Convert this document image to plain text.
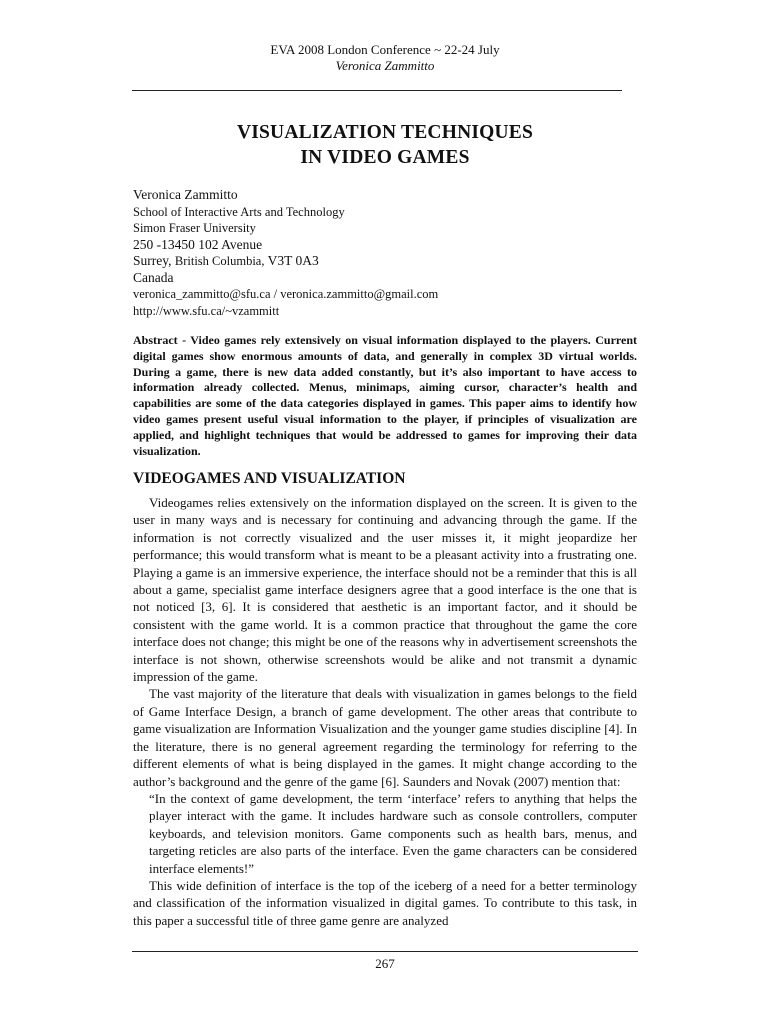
EVA 2008 London Conference ~ 22-24 July
Veronica Zammitto
VISUALIZATION TECHNIQUES
IN VIDEO GAMES
Veronica Zammitto
School of Interactive Arts and Technology
Simon Fraser University
250 -13450 102 Avenue
Surrey, British Columbia, V3T 0A3
Canada
veronica_zammitto@sfu.ca / veronica.zammitto@gmail.com
http://www.sfu.ca/~vzammitt
Abstract - Video games rely extensively on visual information displayed to the players. Current digital games show enormous amounts of data, and generally in complex 3D virtual worlds. During a game, there is new data added constantly, but it’s also important to have access to information already collected. Menus, minimaps, aiming cursor, character’s health and capabilities are some of the data categories displayed in games. This paper aims to identify how video games present useful visual information to the player, if principles of visualization are applied, and highlight techniques that would be addressed to games for improving their data visualization.
VIDEOGAMES AND VISUALIZATION

Videogames relies extensively on the information displayed on the screen. It is given to the user in many ways and is necessary for continuing and advancing through the game. If the information is not correctly visualized and the user misses it, it might jeopardize her performance; this would transform what is meant to be a pleasant activity into a frustrating one. Playing a game is an immersive experience, the interface should not be a reminder that this is all about a game, specialist game interface designers agree that a good interface is the one that is not noticed [3, 6]. It is considered that aesthetic is an important factor, and it should be consistent with the game world. It is a common practice that throughout the game the core interface does not change; this might be one of the reasons why in advertisement screenshots the interface is not shown, otherwise screenshots would be alike and not transmit a dynamic impression of the game.

The vast majority of the literature that deals with visualization in games belongs to the field of Game Interface Design, a branch of game development. The other areas that contribute to game visualization are Information Visualization and the younger game studies discipline [4]. In the literature, there is no general agreement regarding the terminology for referring to the different elements of what is being displayed in the games. It might change according to the author’s background and the genre of the game [6]. Saunders and Novak (2007) mention that:

“In the context of game development, the term ‘interface’ refers to anything that helps the player interact with the game. It includes hardware such as console controllers, computer keyboards, and television monitors. Game components such as health bars, menus, and targeting reticles are also parts of the interface. Even the game characters can be considered interface elements!”

This wide definition of interface is the top of the iceberg of a need for a better terminology and classification of the information visualized in digital games. To contribute to this task, in this paper a successful title of three game genre are analyzed

267
